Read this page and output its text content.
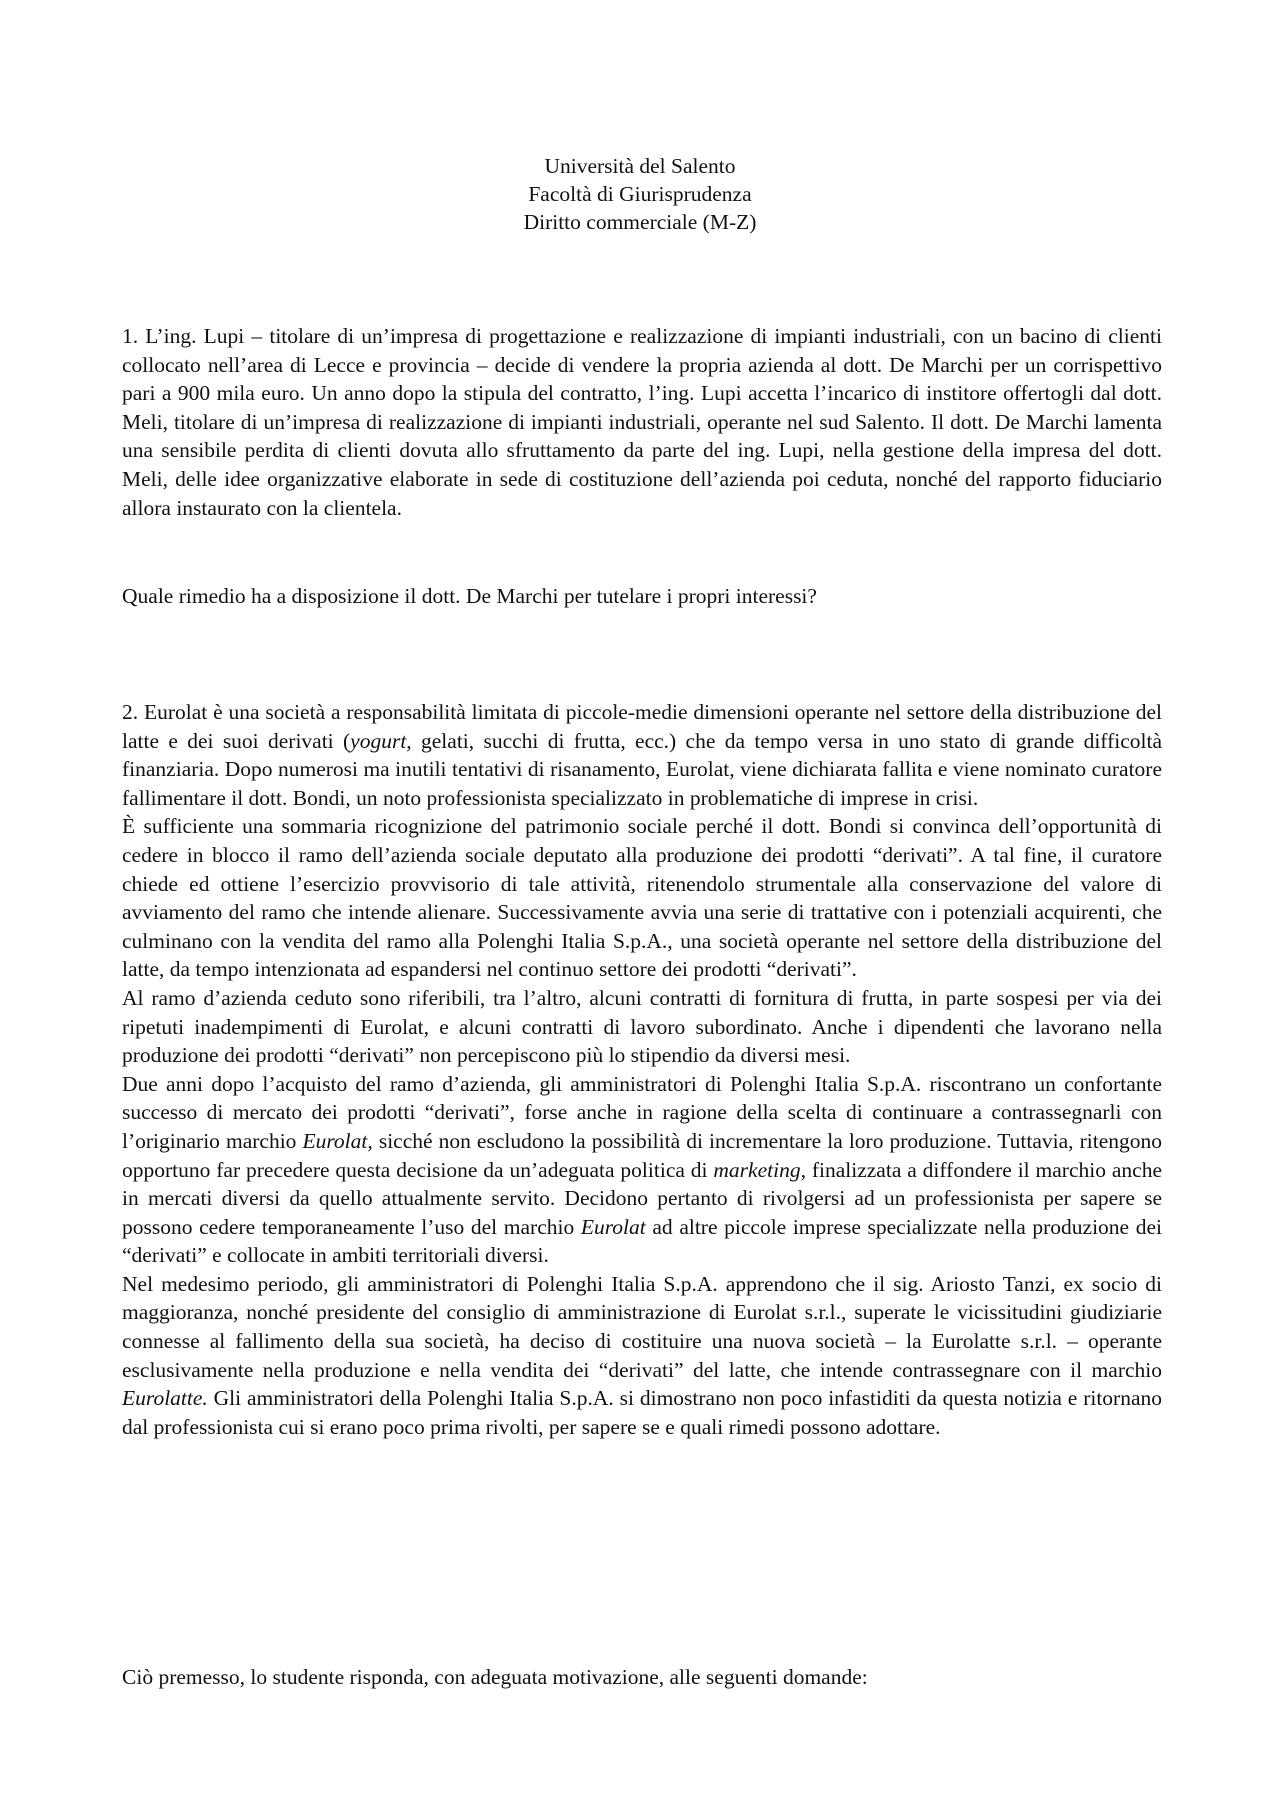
Università del Salento
Facoltà di Giurisprudenza
Diritto commerciale (M-Z)

1. L’ing. Lupi – titolare di un’impresa di progettazione e realizzazione di impianti industriali, con un bacino di clienti collocato nell’area di Lecce e provincia – decide di vendere la propria azienda al dott. De Marchi per un corrispettivo pari a 900 mila euro. Un anno dopo la stipula del contratto, l’ing. Lupi accetta l’incarico di institore offertogli dal dott. Meli, titolare di un’impresa di realizzazione di impianti industriali, operante nel sud Salento. Il dott. De Marchi lamenta una sensibile perdita di clienti dovuta allo sfruttamento da parte del ing. Lupi, nella gestione della impresa del dott. Meli, delle idee organizzative elaborate in sede di costituzione dell’azienda poi ceduta, nonché del rapporto fiduciario allora instaurato con la clientela.

Quale rimedio ha a disposizione il dott. De Marchi per tutelare i propri interessi?

2. Eurolat è una società a responsabilità limitata di piccole-medie dimensioni operante nel settore della distribuzione del latte e dei suoi derivati (yogurt, gelati, succhi di frutta, ecc.) che da tempo versa in uno stato di grande difficoltà finanziaria. Dopo numerosi ma inutili tentativi di risanamento, Eurolat, viene dichiarata fallita e viene nominato curatore fallimentare il dott. Bondi, un noto professionista specializzato in problematiche di imprese in crisi.

È sufficiente una sommaria ricognizione del patrimonio sociale perché il dott. Bondi si convinca dell’opportunità di cedere in blocco il ramo dell’azienda sociale deputato alla produzione dei prodotti “derivati”. A tal fine, il curatore chiede ed ottiene l’esercizio provvisorio di tale attività, ritenendolo strumentale alla conservazione del valore di avviamento del ramo che intende alienare. Successivamente avvia una serie di trattative con i potenziali acquirenti, che culminano con la vendita del ramo alla Polenghi Italia S.p.A., una società operante nel settore della distribuzione del latte, da tempo intenzionata ad espandersi nel continuo settore dei prodotti “derivati”.

Al ramo d’azienda ceduto sono riferibili, tra l’altro, alcuni contratti di fornitura di frutta, in parte sospesi per via dei ripetuti inadempimenti di Eurolat, e alcuni contratti di lavoro subordinato. Anche i dipendenti che lavorano nella produzione dei prodotti “derivati” non percepiscono più lo stipendio da diversi mesi.

Due anni dopo l’acquisto del ramo d’azienda, gli amministratori di Polenghi Italia S.p.A. riscontrano un confortante successo di mercato dei prodotti “derivati”, forse anche in ragione della scelta di continuare a contrassegnarli con l’originario marchio Eurolat, sicché non escludono la possibilità di incrementare la loro produzione. Tuttavia, ritengono opportuno far precedere questa decisione da un’adeguata politica di marketing, finalizzata a diffondere il marchio anche in mercati diversi da quello attualmente servito. Decidono pertanto di rivolgersi ad un professionista per sapere se possono cedere temporaneamente l’uso del marchio Eurolat ad altre piccole imprese specializzate nella produzione dei “derivati” e collocate in ambiti territoriali diversi.

Nel medesimo periodo, gli amministratori di Polenghi Italia S.p.A. apprendono che il sig. Ariosto Tanzi, ex socio di maggioranza, nonché presidente del consiglio di amministrazione di Eurolat s.r.l., superate le vicissitudini giudiziarie connesse al fallimento della sua società, ha deciso di costituire una nuova società – la Eurolatte s.r.l. – operante esclusivamente nella produzione e nella vendita dei “derivati” del latte, che intende contrassegnare con il marchio Eurolatte. Gli amministratori della Polenghi Italia S.p.A. si dimostrano non poco infastiditi da questa notizia e ritornano dal professionista cui si erano poco prima rivolti, per sapere se e quali rimedi possono adottare.

Ciò premesso, lo studente risponda, con adeguata motivazione, alle seguenti domande:
